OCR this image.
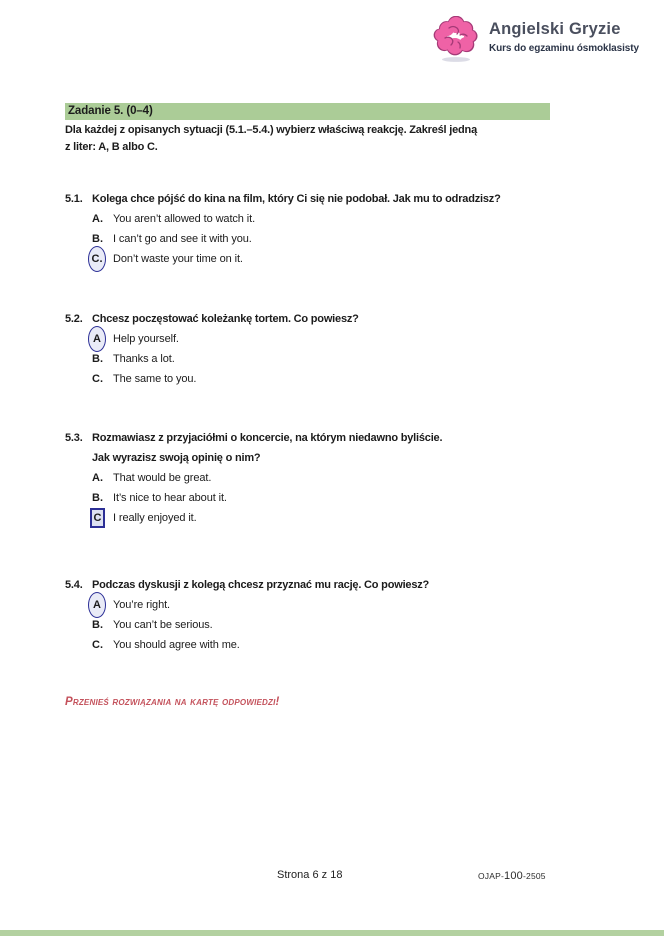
Angielski Gryzie
Kurs do egzaminu ósmoklasisty
Zadanie 5. (0–4)
Dla każdej z opisanych sytuacji (5.1.–5.4.) wybierz właściwą reakcję. Zakreśl jedną
z liter: A, B albo C.
5.1. Kolega chce pójść do kina na film, który Ci się nie podobał. Jak mu to odradzisz?
A. You aren’t allowed to watch it.
B. I can’t go and see it with you.
C. Don’t waste your time on it.
5.2. Chcesz poczęstować koleżankę tortem. Co powiesz?
A	Help yourself.
B. Thanks a lot.
C. The same to you.
5.3. Rozmawiasz z przyjaciółmi o koncercie, na którym niedawno byliście.
Jak wyrazisz swoją opinię o nim?
A. That would be great.
B. It’s nice to hear about it.
C	I really enjoyed it.
5.4. Podczas dyskusji z kolegą chcesz przyznać mu rację. Co powiesz?
A	You’re right.
B. You can’t be serious.
C. You should agree with me.
Przenieś rozwiązania na kartę odpowiedzi!
Strona 6 z 18	OJAP-100-2505
